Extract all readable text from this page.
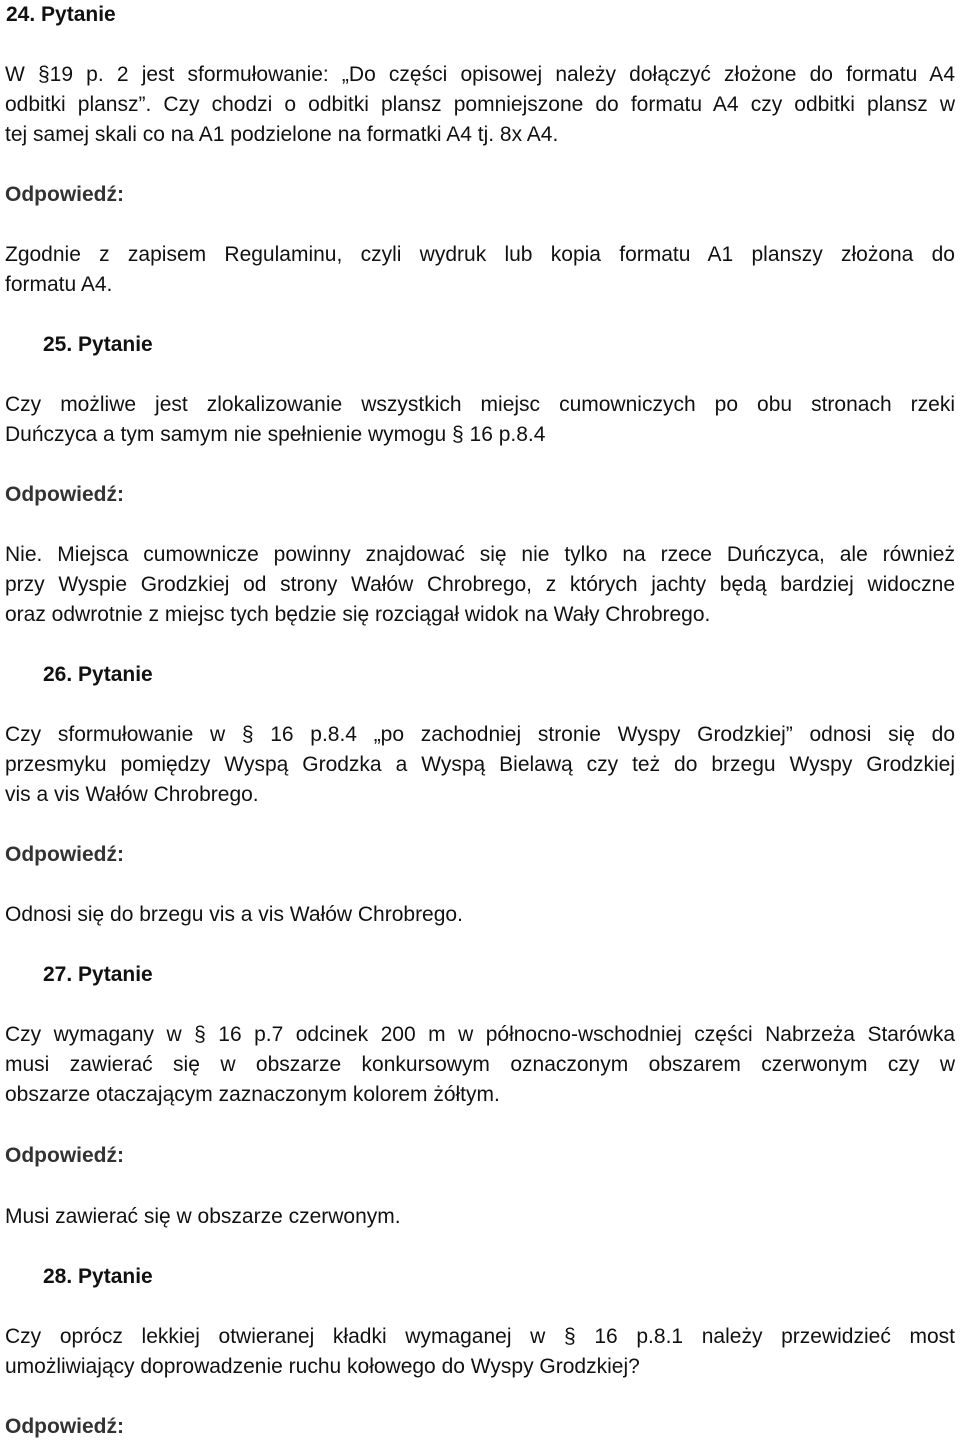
24. Pytanie
W §19 p. 2 jest sformułowanie: „Do części opisowej należy dołączyć złożone do formatu A4
odbitki plansz”. Czy chodzi o odbitki plansz pomniejszone do formatu A4 czy odbitki plansz w
tej samej skali co na A1 podzielone na formatki A4 tj. 8x A4.
Odpowiedź:
Zgodnie z zapisem Regulaminu, czyli wydruk lub kopia formatu A1 planszy złożona do
formatu A4.
25. Pytanie
Czy możliwe jest zlokalizowanie wszystkich miejsc cumowniczych po obu stronach rzeki
Duńczyca a tym samym nie spełnienie wymogu § 16 p.8.4
Odpowiedź:
Nie. Miejsca cumownicze powinny znajdować się nie tylko na rzece Duńczyca, ale również
przy Wyspie Grodzkiej od strony Wałów Chrobrego, z których jachty będą bardziej widoczne
oraz odwrotnie z miejsc tych będzie się rozciągał widok na Wały Chrobrego.
26. Pytanie
Czy sformułowanie w § 16 p.8.4 „po zachodniej stronie Wyspy Grodzkiej” odnosi się do
przesmyku pomiędzy Wyspą Grodzka a Wyspą Bielawą czy też do brzegu Wyspy Grodzkiej
vis a vis Wałów Chrobrego.
Odpowiedź:
Odnosi się do brzegu vis a vis Wałów Chrobrego.
27. Pytanie
Czy wymagany w § 16 p.7 odcinek 200 m w północno-wschodniej części Nabrzeża Starówka
musi zawierać się w obszarze konkursowym oznaczonym obszarem czerwonym czy w
obszarze otaczającym zaznaczonym kolorem żółtym.
Odpowiedź:
Musi zawierać się w obszarze czerwonym.
28. Pytanie
Czy oprócz lekkiej otwieranej kładki wymaganej w § 16 p.8.1 należy przewidzieć most
umożliwiający doprowadzenie ruchu kołowego do Wyspy Grodzkiej?
Odpowiedź:
